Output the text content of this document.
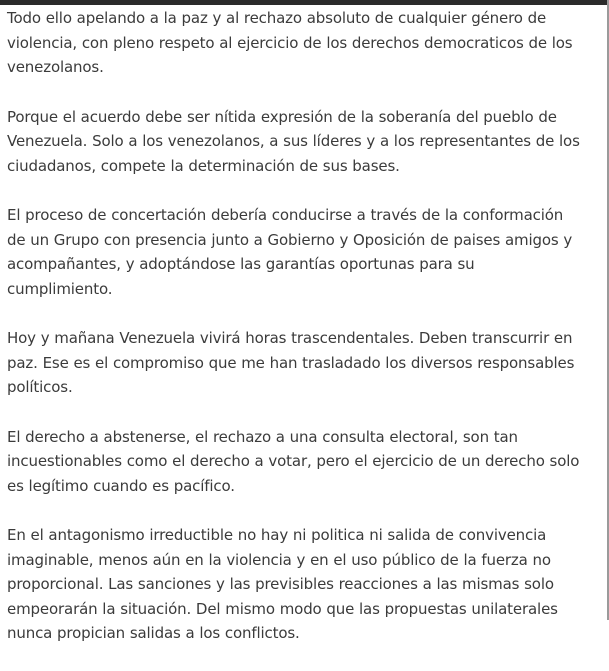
Todo ello apelando a la paz y al rechazo absoluto de cualquier género de
violencia, con pleno respeto al ejercicio de los derechos democraticos de los
venezolanos.

Porque el acuerdo debe ser nítida expresión de la soberanía del pueblo de
Venezuela. Solo a los venezolanos, a sus líderes y a los representantes de los
ciudadanos, compete la determinación de sus bases.

El proceso de concertación debería conducirse a través de la conformación
de un Grupo con presencia junto a Gobierno y Oposición de paises amigos y
acompañantes, y adoptándose las garantías oportunas para su
cumplimiento.

Hoy y mañana Venezuela vivirá horas trascendentales. Deben transcurrir en
paz. Ese es el compromiso que me han trasladado los diversos responsables
políticos.

El derecho a abstenerse, el rechazo a una consulta electoral, son tan
incuestionables como el derecho a votar, pero el ejercicio de un derecho solo
es legítimo cuando es pacífico.

En el antagonismo irreductible no hay ni politica ni salida de convivencia
imaginable, menos aún en la violencia y en el uso público de la fuerza no
proporcional. Las sanciones y las previsibles reacciones a las mismas solo
empeorarán la situación. Del mismo modo que las propuestas unilaterales
nunca propician salidas a los conflictos.
